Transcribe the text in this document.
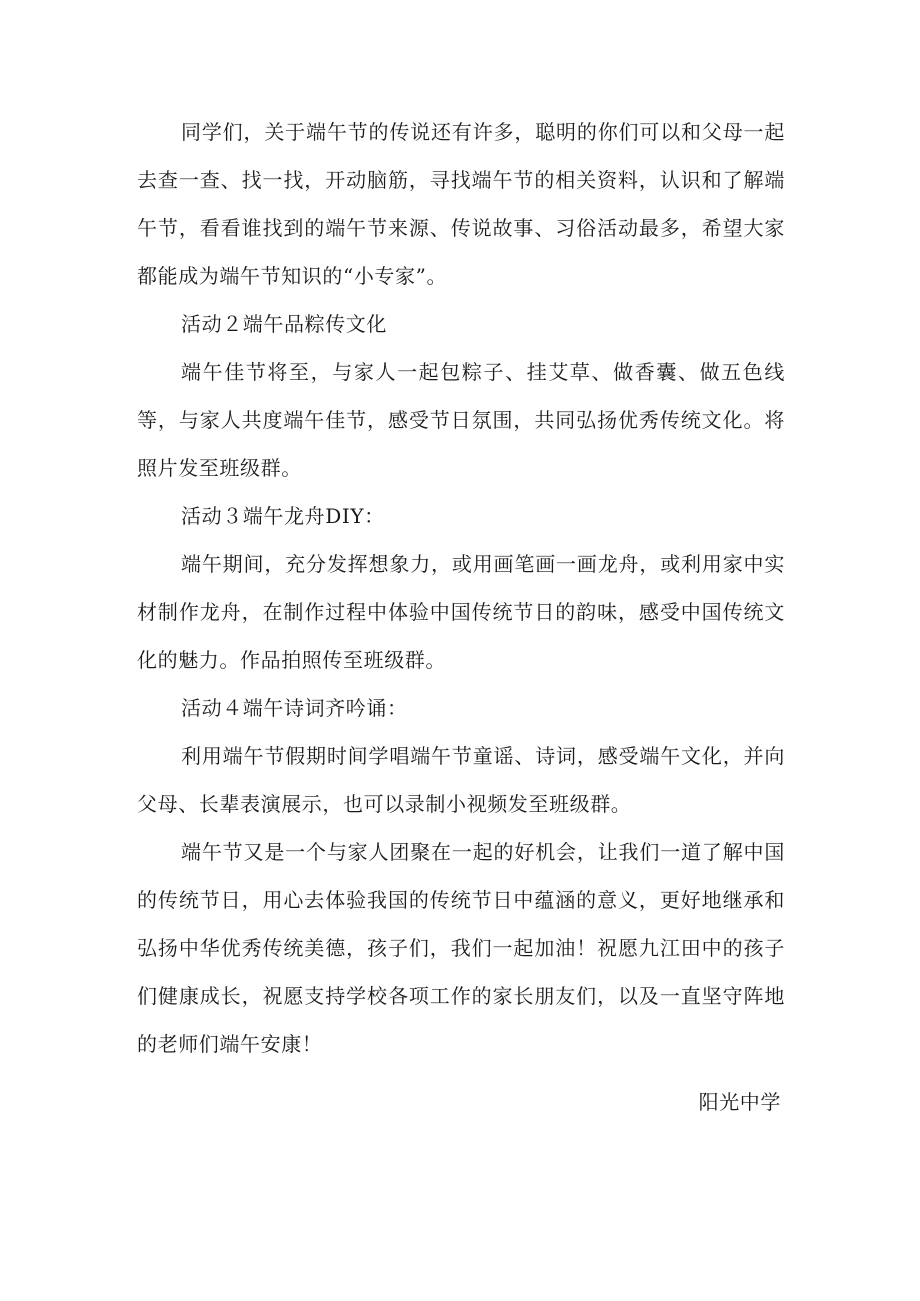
同学们，关于端午节的传说还有许多，聪明的你们可以和父母一起去查一查、找一找，开动脑筋，寻找端午节的相关资料，认识和了解端午节，看看谁找到的端午节来源、传说故事、习俗活动最多，希望大家都能成为端午节知识的“小专家”。

活动２端午品粽传文化

端午佳节将至，与家人一起包粽子、挂艾草、做香囊、做五色线等，与家人共度端午佳节，感受节日氛围，共同弘扬优秀传统文化。将照片发至班级群。

活动３端午龙舟DIY：

端午期间，充分发挥想象力，或用画笔画一画龙舟，或利用家中实材制作龙舟，在制作过程中体验中国传统节日的韵味，感受中国传统文化的魅力。作品拍照传至班级群。

活动４端午诗词齐吟诵：

利用端午节假期时间学唱端午节童谣、诗词，感受端午文化，并向父母、长辈表演展示，也可以录制小视频发至班级群。

端午节又是一个与家人团聚在一起的好机会，让我们一道了解中国的传统节日，用心去体验我国的传统节日中蕴涵的意义，更好地继承和弘扬中华优秀传统美德，孩子们，我们一起加油！祝愿九江田中的孩子们健康成长，祝愿支持学校各项工作的家长朋友们，以及一直坚守阵地的老师们端午安康！

阳光中学
